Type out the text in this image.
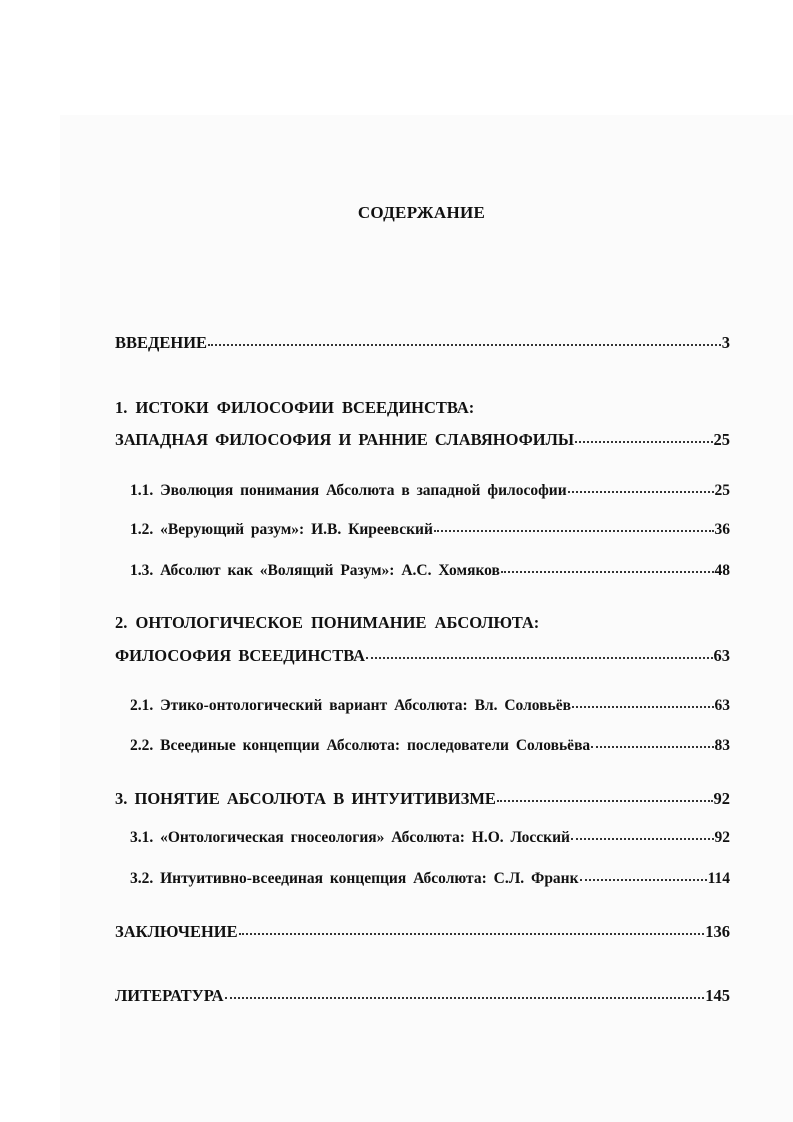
СОДЕРЖАНИЕ
ВВЕДЕНИЕ	3
1. ИСТОКИ ФИЛОСОФИИ ВСЕЕДИНСТВА:
ЗАПАДНАЯ ФИЛОСОФИЯ И РАННИЕ СЛАВЯНОФИЛЫ	25
1.1. Эволюция понимания Абсолюта в западной философии	25
1.2. «Верующий разум»: И.В. Киреевский	36
1.3. Абсолют как «Волящий Разум»: А.С. Хомяков	48
2. ОНТОЛОГИЧЕСКОЕ ПОНИМАНИЕ АБСОЛЮТА:
ФИЛОСОФИЯ ВСЕЕДИНСТВА	63
2.1. Этико-онтологический вариант Абсолюта: Вл. Соловьёв	63
2.2. Всеединые концепции Абсолюта: последователи Соловьёва	83
3. ПОНЯТИЕ АБСОЛЮТА В ИНТУИТИВИЗМЕ	92
3.1. «Онтологическая гносеология» Абсолюта: Н.О. Лосский	92
3.2. Интуитивно-всеединая концепция Абсолюта: С.Л. Франк	114
ЗАКЛЮЧЕНИЕ	136
ЛИТЕРАТУРА	145
